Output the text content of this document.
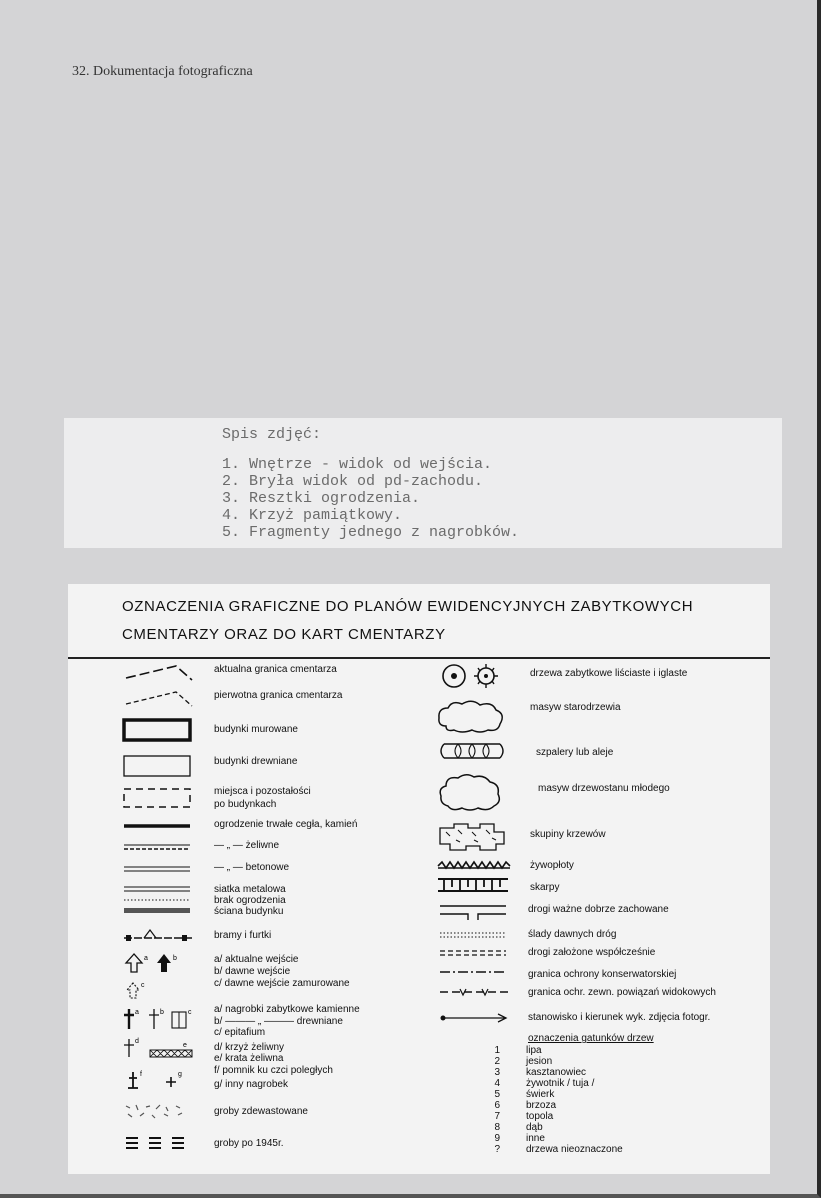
32. Dokumentacja fotograficzna
Spis zdjęć:
1. Wnętrze - widok od wejścia.
2. Bryła widok od pd-zachodu.
3. Resztki ogrodzenia.
4. Krzyż pamiątkowy.
5. Fragmenty jednego z nagrobków.
OZNACZENIA GRAFICZNE DO PLANÓW EWIDENCYJNYCH ZABYTKOWYCH
CMENTARZY ORAZ DO KART CMENTARZY
a	b
c
a	b	c
d
e
f	g
aktualna granica cmentarza
pierwotna granica cmentarza
budynki murowane
budynki drewniane
miejsca i pozostałości
po budynkach
ogrodzenie trwałe cegła, kamień
— „ — żeliwne
— „ — betonowe
siatka metalowa
brak ogrodzenia
ściana budynku
bramy i furtki
a/ aktualne wejście
b/ dawne wejście
c/ dawne wejście zamurowane
a/ nagrobki zabytkowe kamienne
b/ ——— „ ——— drewniane
c/ epitafium
d/ krzyż żeliwny
e/ krata żeliwna
f/ pomnik ku czci poległych
g/ inny nagrobek
groby zdewastowane
groby po 1945r.
drzewa zabytkowe liściaste i iglaste
masyw starodrzewia
szpalery lub aleje
masyw drzewostanu młodego
skupiny krzewów
żywopłoty
skarpy
drogi ważne dobrze zachowane
ślady dawnych dróg
drogi założone współcześnie
granica ochrony konserwatorskiej
granica ochr. zewn. powiązań widokowych
stanowisko i kierunek wyk. zdjęcia fotogr.
oznaczenia gatunków drzew
1	lipa
2	jesion
3	kasztanowiec
4	żywotnik / tuja /
5	świerk
6	brzoza
7	topola
8	dąb
9	inne
?	drzewa nieoznaczone
